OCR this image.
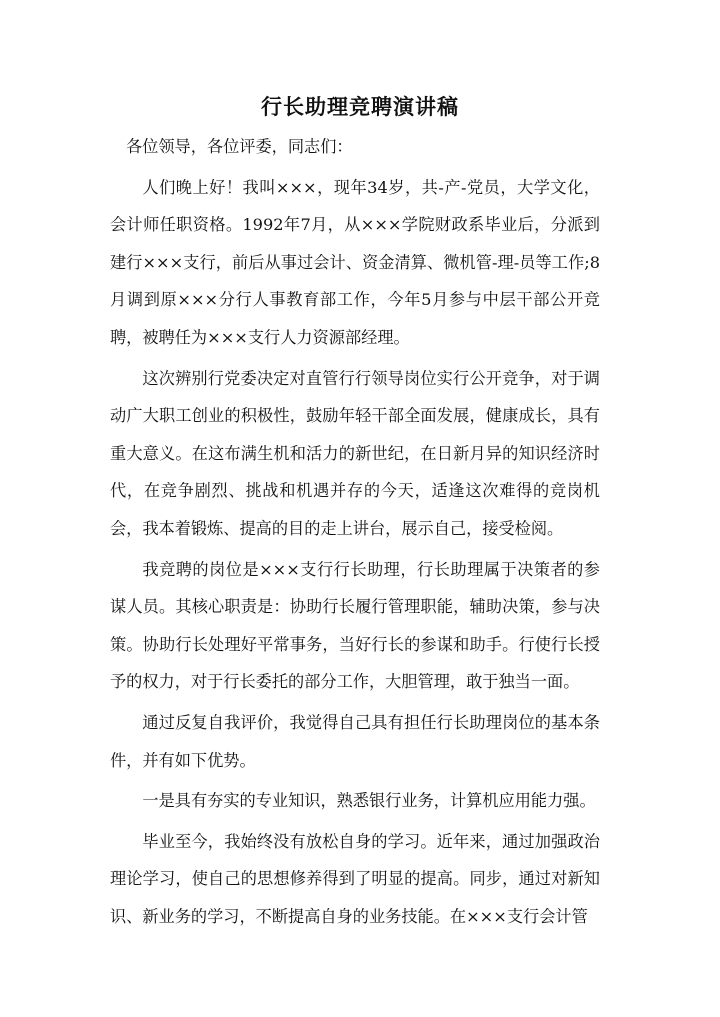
行长助理竞聘演讲稿

各位领导，各位评委，同志们：

人们晚上好！我叫×××，现年34岁，共-产-党员，大学文化，会计师任职资格。1992年7月，从×××学院财政系毕业后，分派到建行×××支行，前后从事过会计、资金清算、微机管-理-员等工作;8月调到原×××分行人事教育部工作，今年5月参与中层干部公开竞聘，被聘任为×××支行人力资源部经理。

这次辨别行党委决定对直管行行领导岗位实行公开竞争，对于调动广大职工创业的积极性，鼓励年轻干部全面发展，健康成长，具有重大意义。在这布满生机和活力的新世纪，在日新月异的知识经济时代，在竞争剧烈、挑战和机遇并存的今天，适逢这次难得的竞岗机会，我本着锻炼、提高的目的走上讲台，展示自己，接受检阅。

我竞聘的岗位是×××支行行长助理，行长助理属于决策者的参谋人员。其核心职责是：协助行长履行管理职能，辅助决策，参与决策。协助行长处理好平常事务，当好行长的参谋和助手。行使行长授予的权力，对于行长委托的部分工作，大胆管理，敢于独当一面。

通过反复自我评价，我觉得自己具有担任行长助理岗位的基本条件，并有如下优势。

一是具有夯实的专业知识，熟悉银行业务，计算机应用能力强。

毕业至今，我始终没有放松自身的学习。近年来，通过加强政治理论学习，使自己的思想修养得到了明显的提高。同步，通过对新知识、新业务的学习，不断提高自身的业务技能。在×××支行会计管
